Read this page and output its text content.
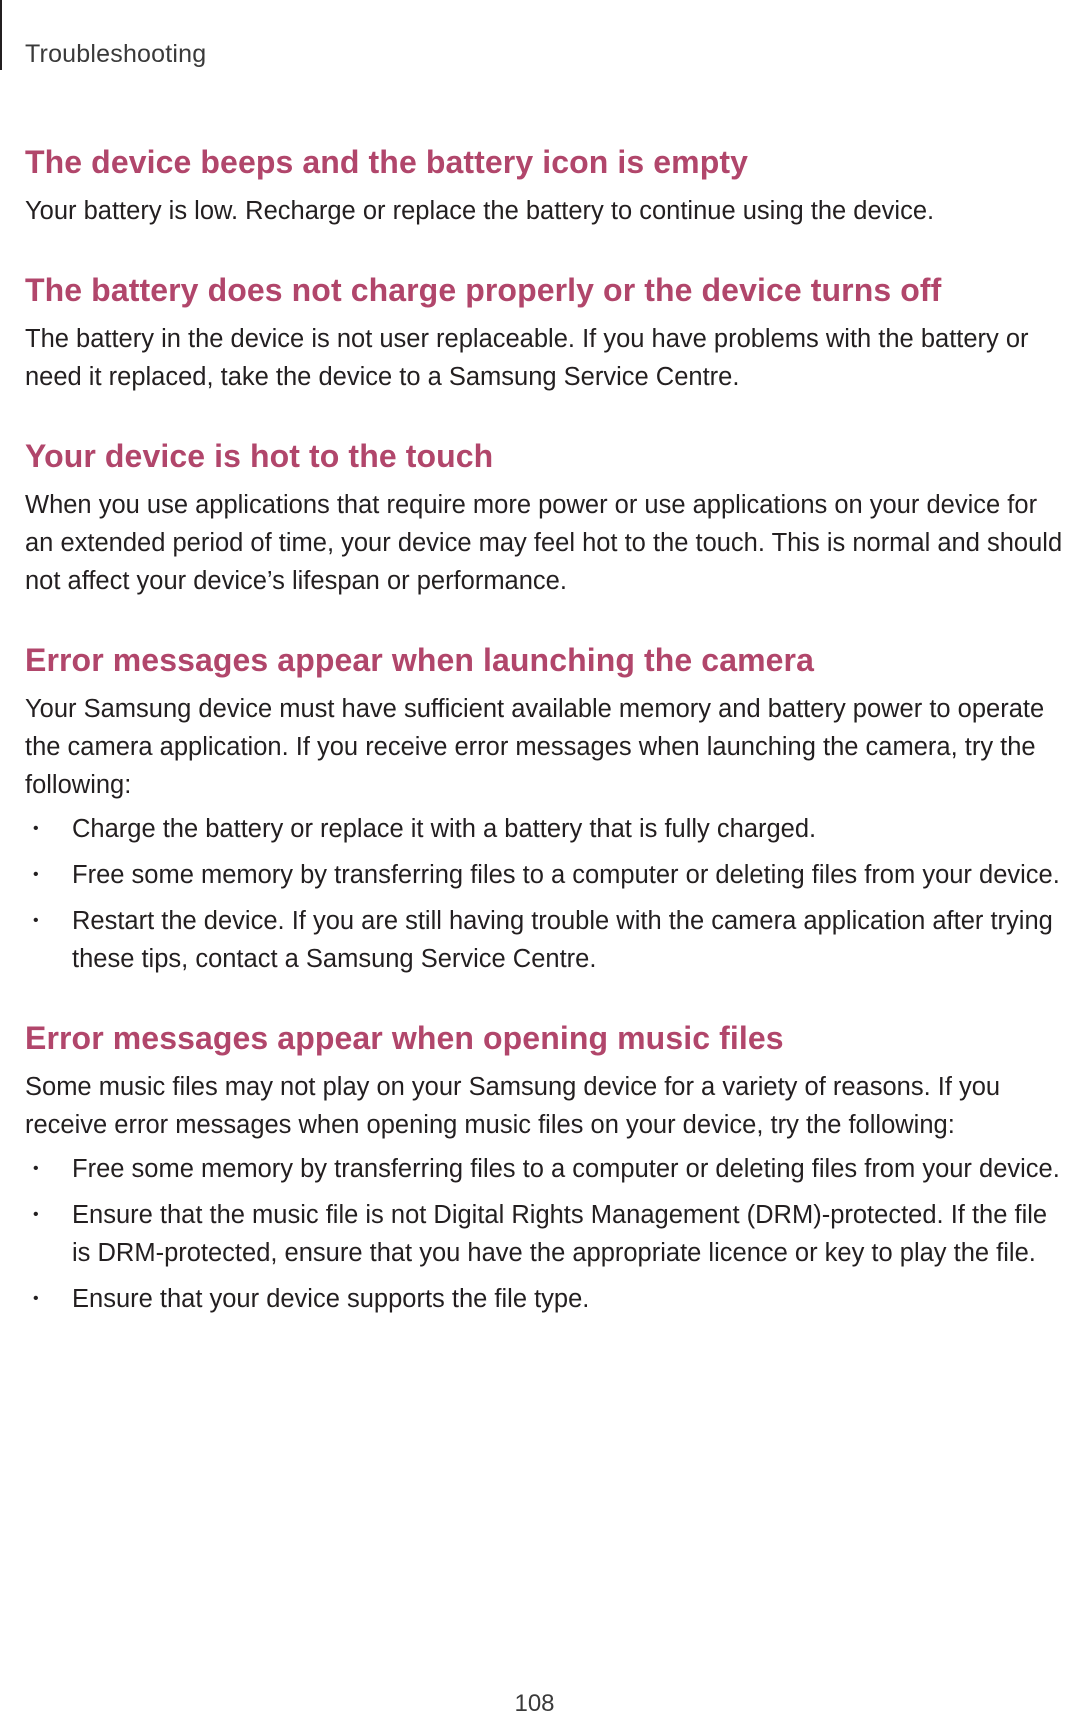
Troubleshooting
The device beeps and the battery icon is empty

Your battery is low. Recharge or replace the battery to continue using the device.

The battery does not charge properly or the device turns off

The battery in the device is not user replaceable. If you have problems with the battery or need it replaced, take the device to a Samsung Service Centre.

Your device is hot to the touch

When you use applications that require more power or use applications on your device for an extended period of time, your device may feel hot to the touch. This is normal and should not affect your device’s lifespan or performance.

Error messages appear when launching the camera

Your Samsung device must have sufficient available memory and battery power to operate the camera application. If you receive error messages when launching the camera, try the following:

• Charge the battery or replace it with a battery that is fully charged.
• Free some memory by transferring files to a computer or deleting files from your device.
• Restart the device. If you are still having trouble with the camera application after trying these tips, contact a Samsung Service Centre.
Error messages appear when opening music files

Some music files may not play on your Samsung device for a variety of reasons. If you receive error messages when opening music files on your device, try the following:

• Free some memory by transferring files to a computer or deleting files from your device.
• Ensure that the music file is not Digital Rights Management (DRM)-protected. If the file is DRM-protected, ensure that you have the appropriate licence or key to play the file.
• Ensure that your device supports the file type.
108
